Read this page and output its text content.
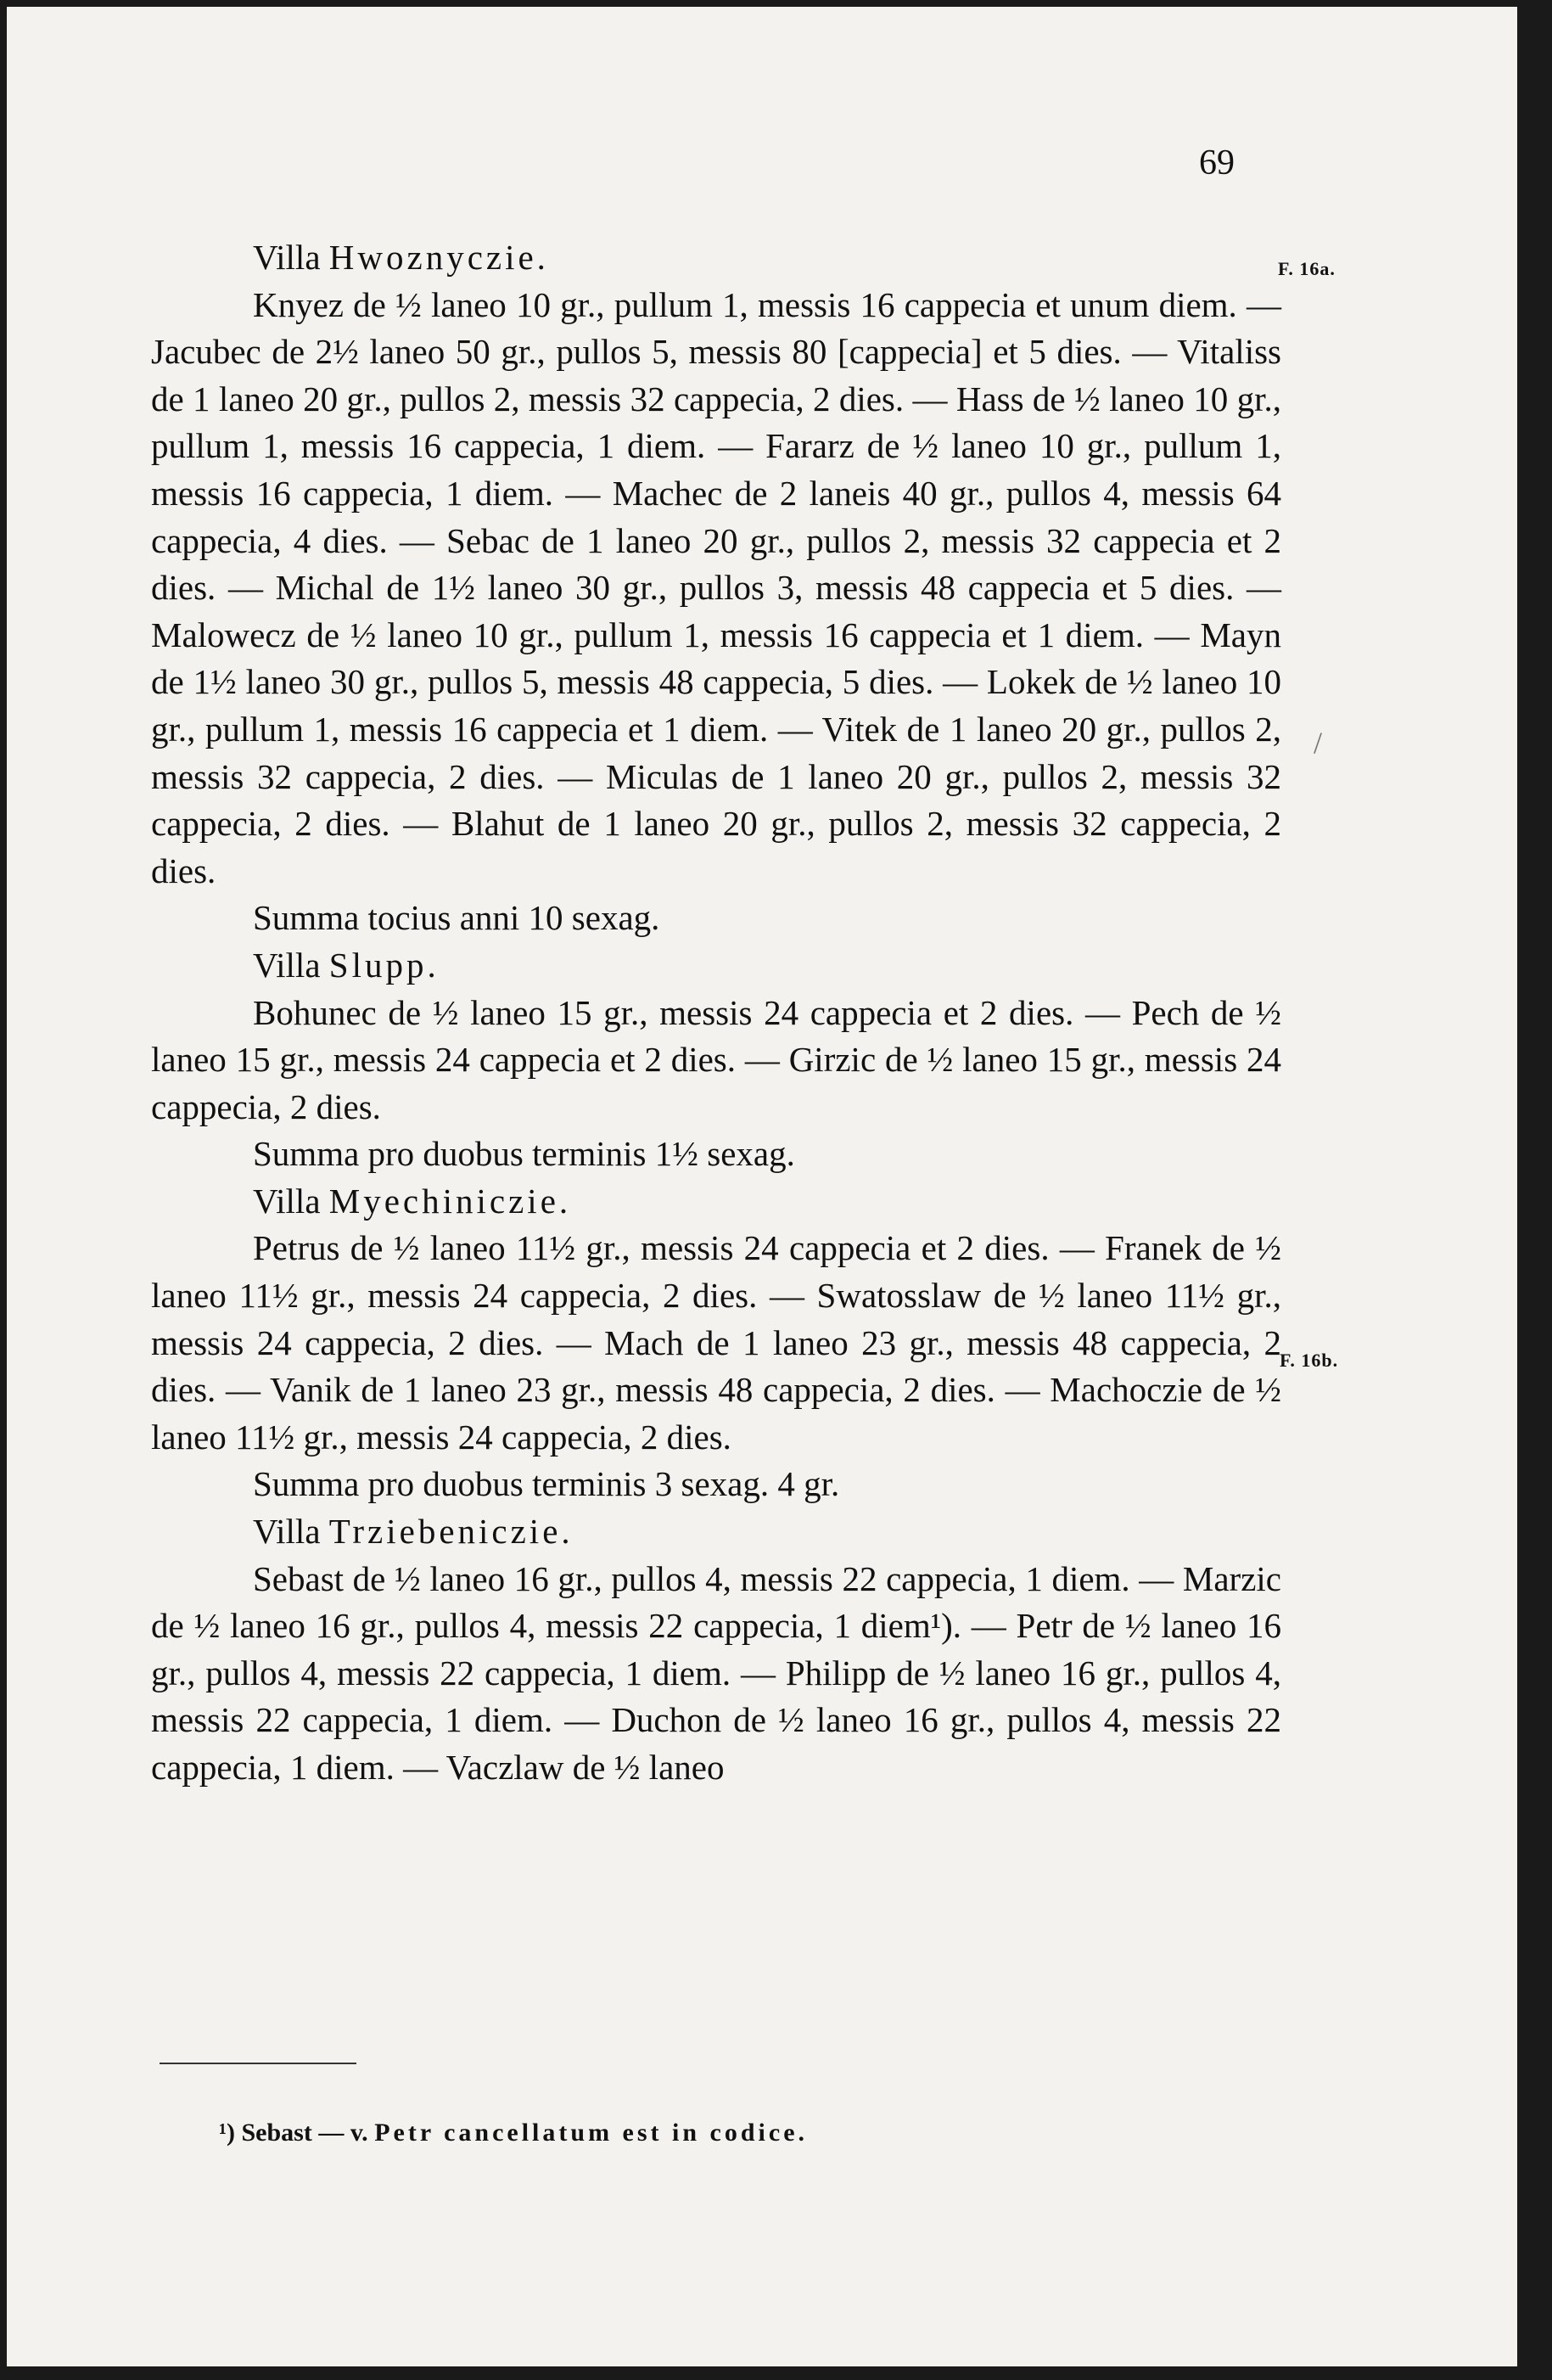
69
F. 16a.
F. 16b.
/

Villa Hwoznyczie.

Knyez de ½ laneo 10 gr., pullum 1, messis 16 cappecia et unum diem. — Jacubec de 2½ laneo 50 gr., pullos 5, messis 80 [cappecia] et 5 dies. — Vitaliss de 1 laneo 20 gr., pullos 2, messis 32 cappecia, 2 dies. — Hass de ½ laneo 10 gr., pullum 1, messis 16 cappecia, 1 diem. — Fararz de ½ laneo 10 gr., pullum 1, messis 16 cappecia, 1 diem. — Machec de 2 laneis 40 gr., pullos 4, messis 64 cappecia, 4 dies. — Sebac de 1 laneo 20 gr., pullos 2, messis 32 cappecia et 2 dies. — Michal de 1½ laneo 30 gr., pullos 3, messis 48 cappecia et 5 dies. — Malowecz de ½ laneo 10 gr., pullum 1, messis 16 cappecia et 1 diem. — Mayn de 1½ laneo 30 gr., pullos 5, messis 48 cappecia, 5 dies. — Lokek de ½ laneo 10 gr., pullum 1, messis 16 cappecia et 1 diem. — Vitek de 1 laneo 20 gr., pullos 2, messis 32 cappecia, 2 dies. — Miculas de 1 laneo 20 gr., pullos 2, messis 32 cappecia, 2 dies. — Blahut de 1 laneo 20 gr., pullos 2, messis 32 cappecia, 2 dies.

Summa tocius anni 10 sexag.

Villa Slupp.

Bohunec de ½ laneo 15 gr., messis 24 cappecia et 2 dies. — Pech de ½ laneo 15 gr., messis 24 cappecia et 2 dies. — Girzic de ½ laneo 15 gr., messis 24 cappecia, 2 dies.

Summa pro duobus terminis 1½ sexag.

Villa Myechiniczie.

Petrus de ½ laneo 11½ gr., messis 24 cappecia et 2 dies. — Franek de ½ laneo 11½ gr., messis 24 cappecia, 2 dies. — Swatosslaw de ½ laneo 11½ gr., messis 24 cappecia, 2 dies. — Mach de 1 laneo 23 gr., messis 48 cappecia, 2 dies. — Vanik de 1 laneo 23 gr., messis 48 cappecia, 2 dies. — Machoczie de ½ laneo 11½ gr., messis 24 cappecia, 2 dies.

Summa pro duobus terminis 3 sexag. 4 gr.

Villa Trziebeniczie.

Sebast de ½ laneo 16 gr., pullos 4, messis 22 cappecia, 1 diem. — Marzic de ½ laneo 16 gr., pullos 4, messis 22 cappecia, 1 diem¹). — Petr de ½ laneo 16 gr., pullos 4, messis 22 cappecia, 1 diem. — Philipp de ½ laneo 16 gr., pullos 4, messis 22 cappecia, 1 diem. — Duchon de ½ laneo 16 gr., pullos 4, messis 22 cappecia, 1 diem. — Vaczlaw de ½ laneo

¹) Sebast — v. Petr cancellatum est in codice.
